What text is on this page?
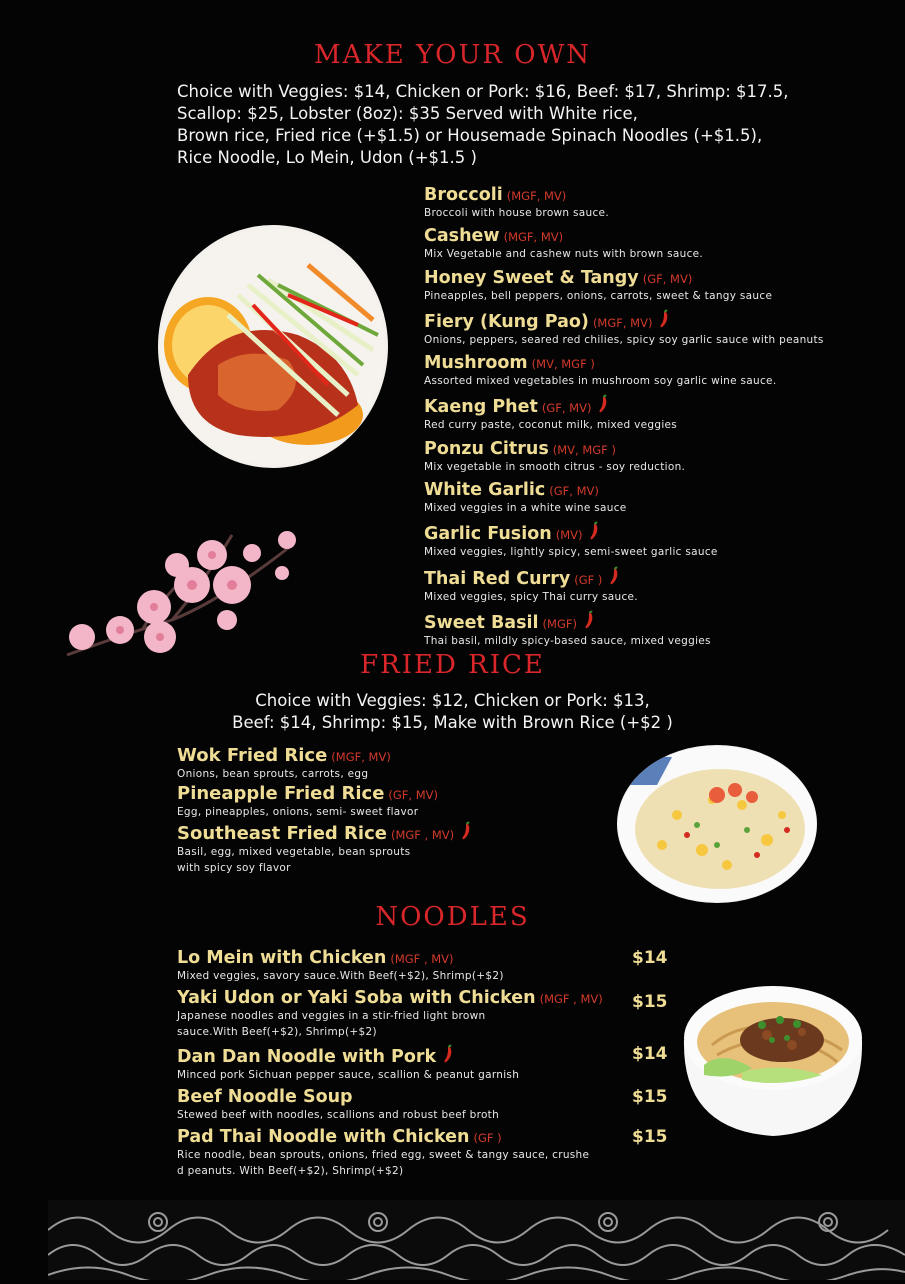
MAKE YOUR OWN
Choice with Veggies: $14, Chicken or Pork: $16, Beef: $17, Shrimp: $17.5,
Scallop: $25, Lobster (8oz): $35 Served with White rice,
Brown rice, Fried rice (+$1.5) or Housemade Spinach Noodles (+$1.5),
Rice Noodle, Lo Mein, Udon (+$1.5 )
Broccoli (MGF, MV)
Broccoli with house brown sauce.
Cashew (MGF, MV)
Mix Vegetable and cashew nuts with brown sauce.
Honey Sweet & Tangy (GF, MV)
Pineapples, bell peppers, onions, carrots, sweet & tangy sauce
Fiery (Kung Pao) (MGF, MV)
Onions, peppers, seared red chilies, spicy soy garlic sauce with peanuts
Mushroom (MV, MGF )
Assorted mixed vegetables in mushroom soy garlic wine sauce.
Kaeng Phet (GF, MV)
Red curry paste, coconut milk, mixed veggies
Ponzu Citrus (MV, MGF )
Mix vegetable in smooth citrus - soy reduction.
White Garlic (GF, MV)
Mixed veggies in a white wine sauce
Garlic Fusion (MV)
Mixed veggies, lightly spicy, semi-sweet garlic sauce
Thai Red Curry (GF )
Mixed veggies, spicy Thai curry sauce.
Sweet Basil (MGF)
Thai basil, mildly spicy-based sauce, mixed veggies
FRIED RICE
Choice with Veggies: $12, Chicken or Pork: $13,
Beef: $14, Shrimp: $15, Make with Brown Rice (+$2 )
Wok Fried Rice (MGF, MV)
Onions, bean sprouts, carrots, egg
Pineapple Fried Rice (GF, MV)
Egg, pineapples, onions, semi- sweet flavor
Southeast Fried Rice (MGF , MV)
Basil, egg, mixed vegetable, bean sprouts
with spicy soy flavor
NOODLES
Lo Mein with Chicken (MGF , MV)
Mixed veggies, savory sauce.With Beef(+$2), Shrimp(+$2)
Yaki Udon or Yaki Soba with Chicken (MGF , MV)
Japanese noodles and veggies in a stir-fried light brown
sauce.With Beef(+$2), Shrimp(+$2)
Dan Dan Noodle with Pork
Minced pork Sichuan pepper sauce, scallion & peanut garnish
Beef Noodle Soup
Stewed beef with noodles, scallions and robust beef broth
Pad Thai Noodle with Chicken (GF )
Rice noodle, bean sprouts, onions, fried egg, sweet & tangy sauce, crushe
d peanuts. With Beef(+$2), Shrimp(+$2)
$14
$15
$14
$15
$15
